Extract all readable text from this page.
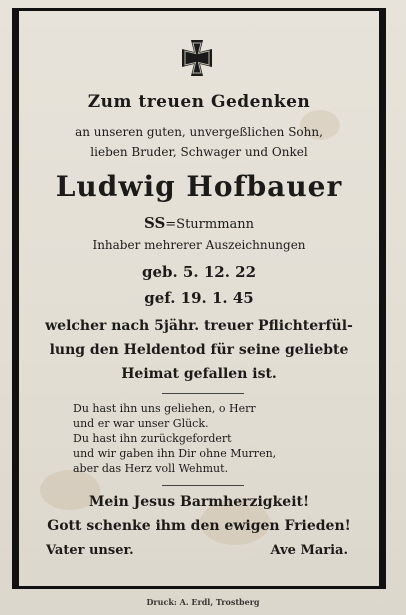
Zum treuen Gedenken
an unseren guten, unvergeßlichen Sohn,
lieben Bruder, Schwager und Onkel
Ludwig Hofbauer
SS=Sturmmann
Inhaber mehrerer Auszeichnungen
geb. 5. 12. 22
gef. 19. 1. 45
welcher nach 5jähr. treuer Pflichterfül-
lung den Heldentod für seine geliebte
Heimat gefallen ist.
Du hast ihn uns geliehen, o Herr
und er war unser Glück.
Du hast ihn zurückgefordert
und wir gaben ihn Dir ohne Murren,
aber das Herz voll Wehmut.
Mein Jesus Barmherzigkeit!
Gott schenke ihm den ewigen Frieden!
Vater unser.	Ave Maria.
Druck: A. Erdl, Trostberg
